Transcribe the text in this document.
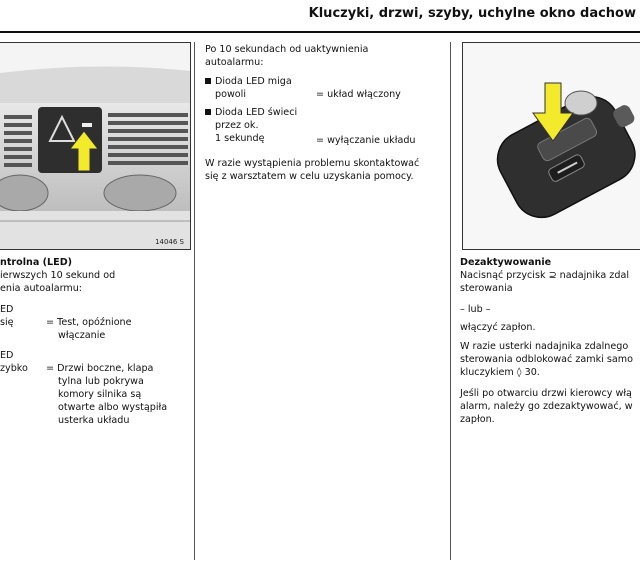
Kluczyki, drzwi, szyby, uchylne okno dachow
14046 S
ntrolna (LED)
ierwszych 10 sekund od
enia autoalarmu:
ED
się	= Test, opóźnione
włączanie
ED
zybko = Drzwi boczne, klapa
tylna lub pokrywa
komory silnika są
otwarte albo wystąpiła
usterka układu
Po 10 sekundach od uaktywnienia
autoalarmu:
Dioda LED miga
powoli	= układ włączony
Dioda LED świeci
przez ok.
1 sekundę	= wyłączanie układu
W razie wystąpienia problemu skontaktować
się z warsztatem w celu uzyskania pomocy.
Dezaktywowanie
Nacisnąć przycisk ⊇ nadajnika zdal
sterowania
– lub –
włączyć zapłon.
W razie usterki nadajnika zdalnego
sterowania odblokować zamki samo
kluczykiem ◊ 30.
Jeśli po otwarciu drzwi kierowcy włą
alarm, należy go zdezaktywować, w
zapłon.
